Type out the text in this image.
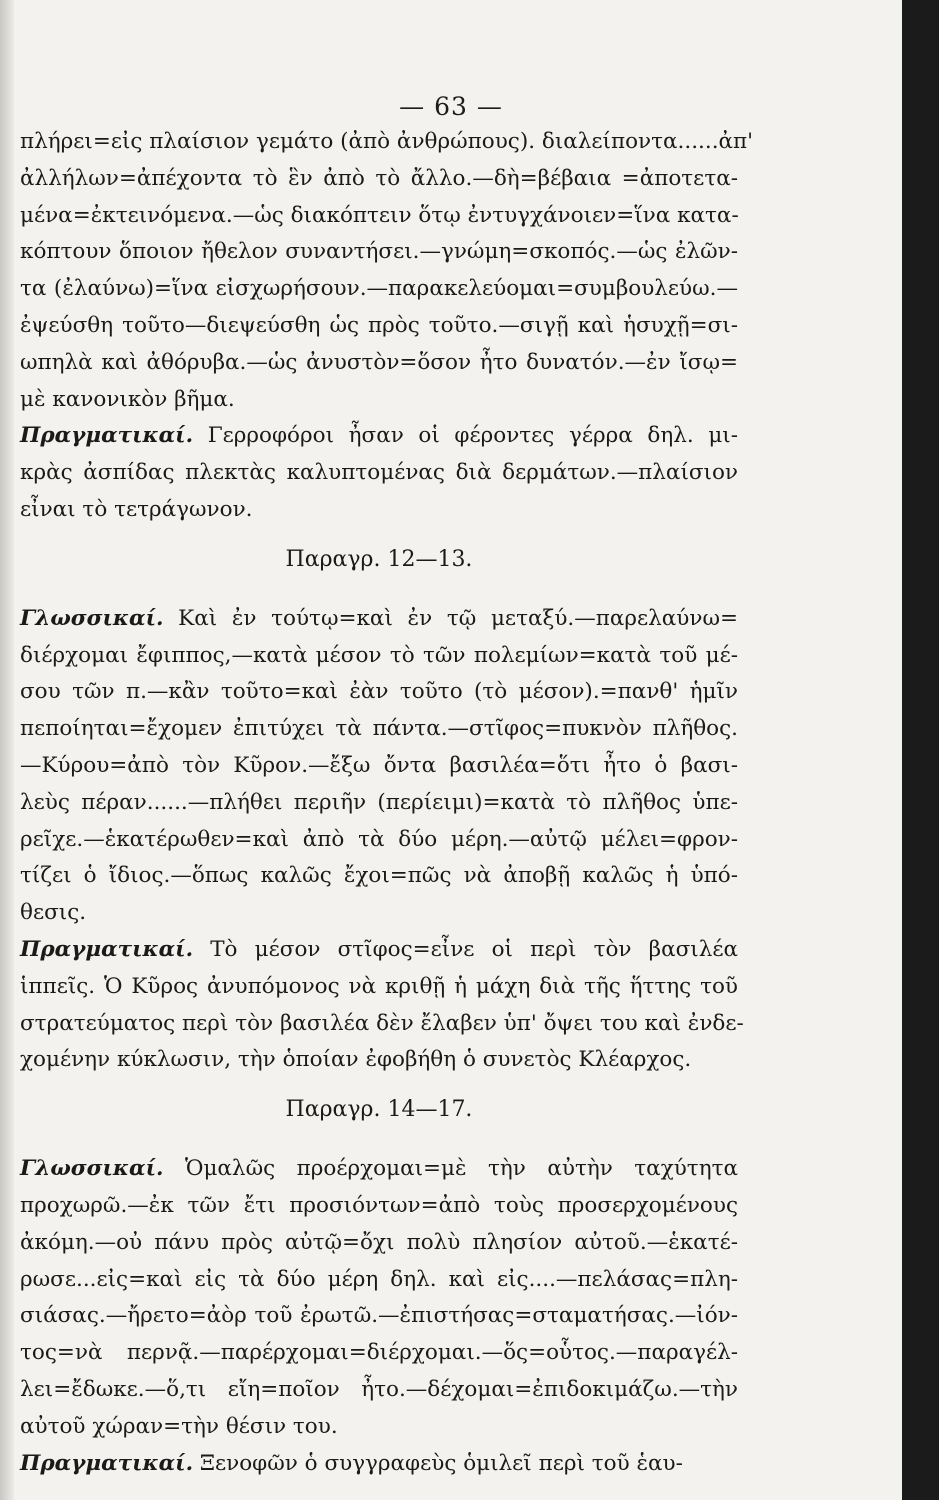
— 63 —
πλήρει=εἰς πλαίσιον γεμάτο (ἀπὸ ἀνθρώπους). διαλείποντα......ἀπ'
ἀλλήλων=ἀπέχοντα τὸ ἓν ἀπὸ τὸ ἄλλο.—δὴ=βέβαια =ἀποτετα-
μένα=ἐκτεινόμενα.—ὡς διακόπτειν ὅτῳ ἐντυγχάνοιεν=ἵνα κατα-
κόπτουν ὅποιον ἤθελον συναντήσει.—γνώμη=σκοπός.—ὡς ἐλῶν-
τα (ἐλαύνω)=ἵνα εἰσχωρήσουν.—παρακελεύομαι=συμβουλεύω.—
ἐψεύσθη τοῦτο—διεψεύσθη ὡς πρὸς τοῦτο.—σιγῇ καὶ ἡσυχῇ=σι-
ωπηλὰ καὶ ἀθόρυβα.—ὡς ἀνυστὸν=ὅσον ἦτο δυνατόν.—ἐν ἴσῳ=
μὲ κανονικὸν βῆμα.
Πραγματικαί. Γερροφόροι ἦσαν οἱ φέροντες γέρρα δηλ. μι-
κρὰς ἀσπίδας πλεκτὰς καλυπτομένας διὰ δερμάτων.—πλαίσιον
εἶναι τὸ τετράγωνον.
Παραγρ. 12—13.
Γλωσσικαί. Καὶ ἐν τούτῳ=καὶ ἐν τῷ μεταξύ.—παρελαύνω=
διέρχομαι ἔφιππος,—κατὰ μέσον τὸ τῶν πολεμίων=κατὰ τοῦ μέ-
σου τῶν π.—κἂν τοῦτο=καὶ ἐὰν τοῦτο (τὸ μέσον).=πανθ' ἡμῖν
πεποίηται=ἔχομεν ἐπιτύχει τὰ πάντα.—στῖφος=πυκνὸν πλῆθος.
—Κύρου=ἀπὸ τὸν Κῦρον.—ἔξω ὄντα βασιλέα=ὅτι ἦτο ὁ βασι-
λεὺς πέραν......—πλήθει περιῆν (περίειμι)=κατὰ τὸ πλῆθος ὑπε-
ρεῖχε.—ἑκατέρωθεν=καὶ ἀπὸ τὰ δύο μέρη.—αὐτῷ μέλει=φρον-
τίζει ὁ ἴδιος.—ὅπως καλῶς ἔχοι=πῶς νὰ ἀποβῇ καλῶς ἡ ὑπό-
θεσις.
Πραγματικαί. Τὸ μέσον στῖφος=εἶνε οἱ περὶ τὸν βασιλέα
ἱππεῖς. Ὁ Κῦρος ἀνυπόμονος νὰ κριθῇ ἡ μάχη διὰ τῆς ἥττης τοῦ
στρατεύματος περὶ τὸν βασιλέα δὲν ἔλαβεν ὑπ' ὄψει του καὶ ἐνδε-
χομένην κύκλωσιν, τὴν ὁποίαν ἐφοβήθη ὁ συνετὸς Κλέαρχος.
Παραγρ. 14—17.
Γλωσσικαί. Ὁμαλῶς προέρχομαι=μὲ τὴν αὐτὴν ταχύτητα
προχωρῶ.—ἐκ τῶν ἔτι προσιόντων=ἀπὸ τοὺς προσερχομένους
ἀκόμη.—οὐ πάνυ πρὸς αὐτῷ=ὄχι πολὺ πλησίον αὐτοῦ.—ἑκατέ-
ρωσε...εἰς=καὶ εἰς τὰ δύο μέρη δηλ. καὶ εἰς....—πελάσας=πλη-
σιάσας.—ἤρετο=ἀὸρ τοῦ ἐρωτῶ.—ἐπιστήσας=σταματήσας.—ἰόν-
τος=νὰ περνᾷ.—παρέρχομαι=διέρχομαι.—ὅς=οὗτος.—παραγέλ-
λει=ἔδωκε.—ὅ,τι εἴη=ποῖον ἦτο.—δέχομαι=ἐπιδοκιμάζω.—τὴν
αὐτοῦ χώραν=τὴν θέσιν του.
Πραγματικαί. Ξενοφῶν ὁ συγγραφεὺς ὁμιλεῖ περὶ τοῦ ἑαυ-
